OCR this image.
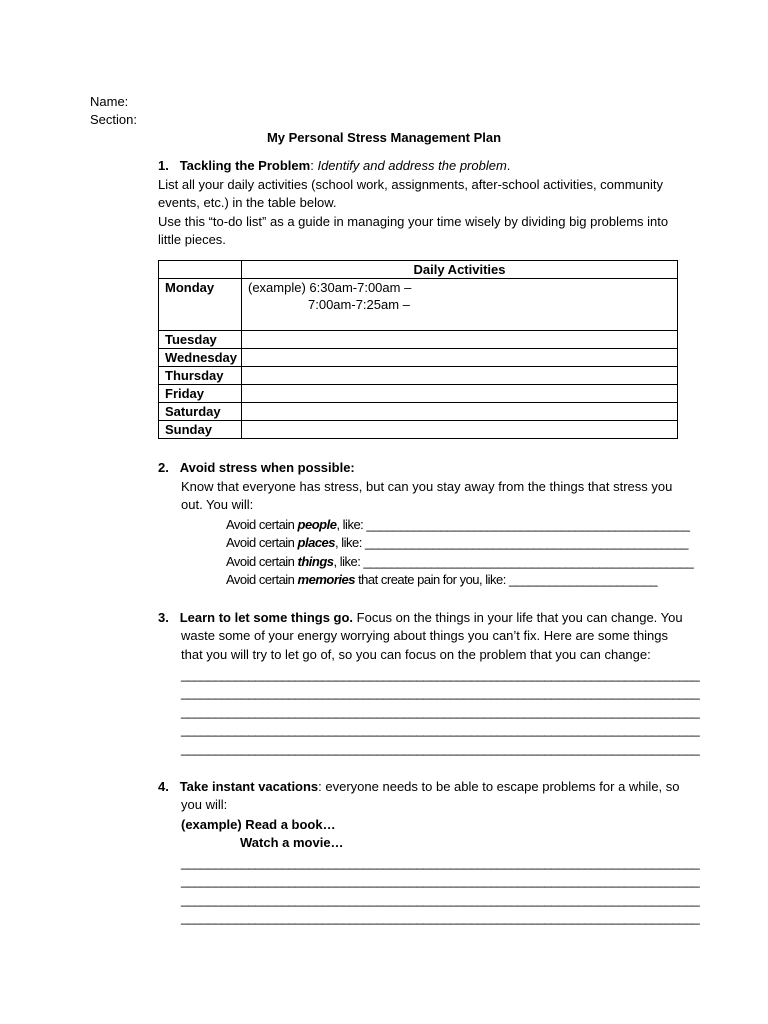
Name:
Section:
My Personal Stress Management Plan
1. Tackling the Problem: Identify and address the problem.
List all your daily activities (school work, assignments, after-school activities, community
events, etc.) in the table below.
Use this “to-do list” as a guide in managing your time wisely by dividing big problems into
little pieces.
	Daily Activities
Monday	(example) 6:30am-7:00am –
7:00am-7:25am –

Tuesday	
Wednesday	
Thursday	
Friday	
Saturday	
Sunday	
2. Avoid stress when possible:
Know that everyone has stress, but can you stay away from the things that stress you
out. You will:
Avoid certain people, like: ________________________________________________
Avoid certain places, like: ________________________________________________
Avoid certain things, like: _________________________________________________
Avoid certain memories that create pain for you, like: ______________________
3. Learn to let some things go. Focus on the things in your life that you can change. You
waste some of your energy worrying about things you can’t fix. Here are some things
that you will try to let go of, so you can focus on the problem that you can change:
_____________________________________________________________________________
_____________________________________________________________________________
_____________________________________________________________________________
_____________________________________________________________________________
_____________________________________________________________________________
4. Take instant vacations: everyone needs to be able to escape problems for a while, so
you will:
(example) Read a book…
Watch a movie…
_____________________________________________________________________________
_____________________________________________________________________________
_____________________________________________________________________________
_____________________________________________________________________________
